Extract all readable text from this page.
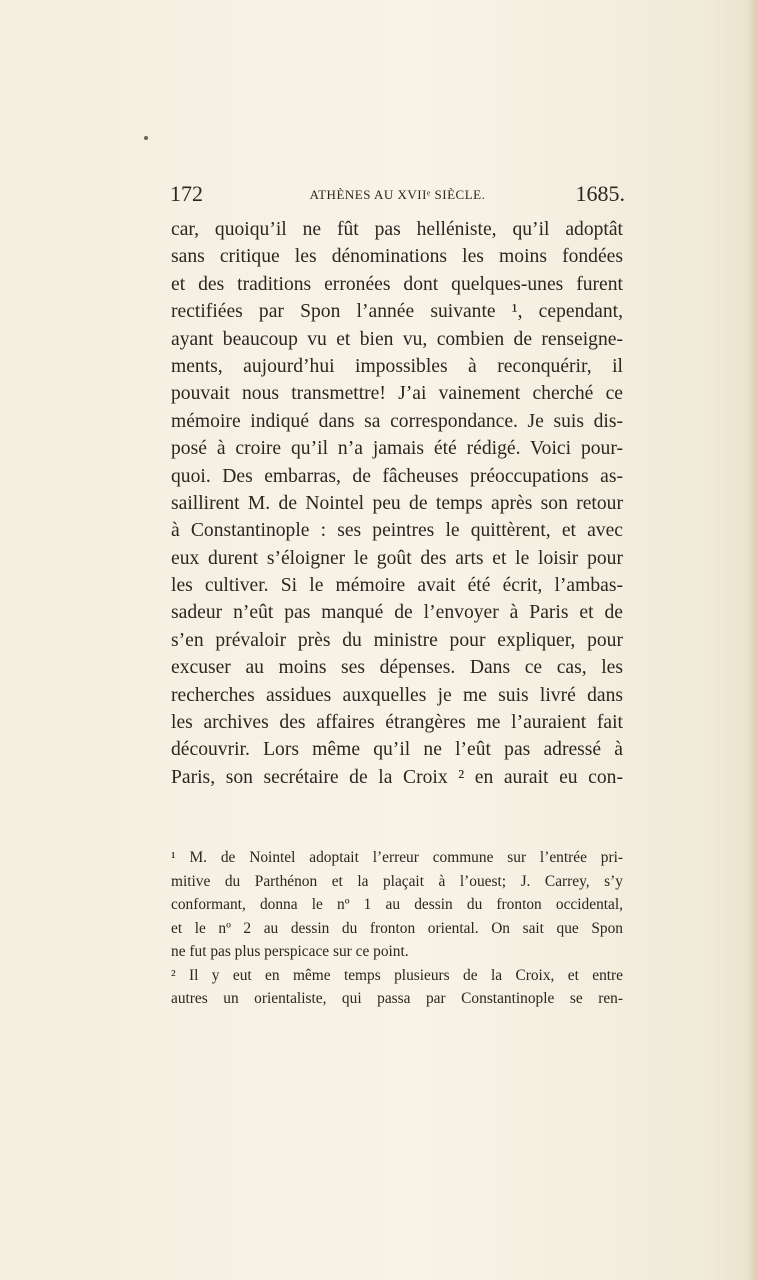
172	ATHÈNES AU XVIIᵉ SIÈCLE.	1685.
car, quoiqu’il ne fût pas helléniste, qu’il adoptât
sans critique les dénominations les moins fondées
et des traditions erronées dont quelques-unes furent
rectifiées par Spon l’année suivante ¹, cependant,
ayant beaucoup vu et bien vu, combien de renseigne-
ments, aujourd’hui impossibles à reconquérir, il
pouvait nous transmettre! J’ai vainement cherché ce
mémoire indiqué dans sa correspondance. Je suis dis-
posé à croire qu’il n’a jamais été rédigé. Voici pour-
quoi. Des embarras, de fâcheuses préoccupations as-
saillirent M. de Nointel peu de temps après son retour
à Constantinople : ses peintres le quittèrent, et avec
eux durent s’éloigner le goût des arts et le loisir pour
les cultiver. Si le mémoire avait été écrit, l’ambas-
sadeur n’eût pas manqué de l’envoyer à Paris et de
s’en prévaloir près du ministre pour expliquer, pour
excuser au moins ses dépenses. Dans ce cas, les
recherches assidues auxquelles je me suis livré dans
les archives des affaires étrangères me l’auraient fait
découvrir. Lors même qu’il ne l’eût pas adressé à
Paris, son secrétaire de la Croix ² en aurait eu con-
¹ M. de Nointel adoptait l’erreur commune sur l’entrée pri-
mitive du Parthénon et la plaçait à l’ouest; J. Carrey, s’y
conformant, donna le nº 1 au dessin du fronton occidental,
et le nº 2 au dessin du fronton oriental. On sait que Spon
ne fut pas plus perspicace sur ce point.
² Il y eut en même temps plusieurs de la Croix, et entre
autres un orientaliste, qui passa par Constantinople se ren-
